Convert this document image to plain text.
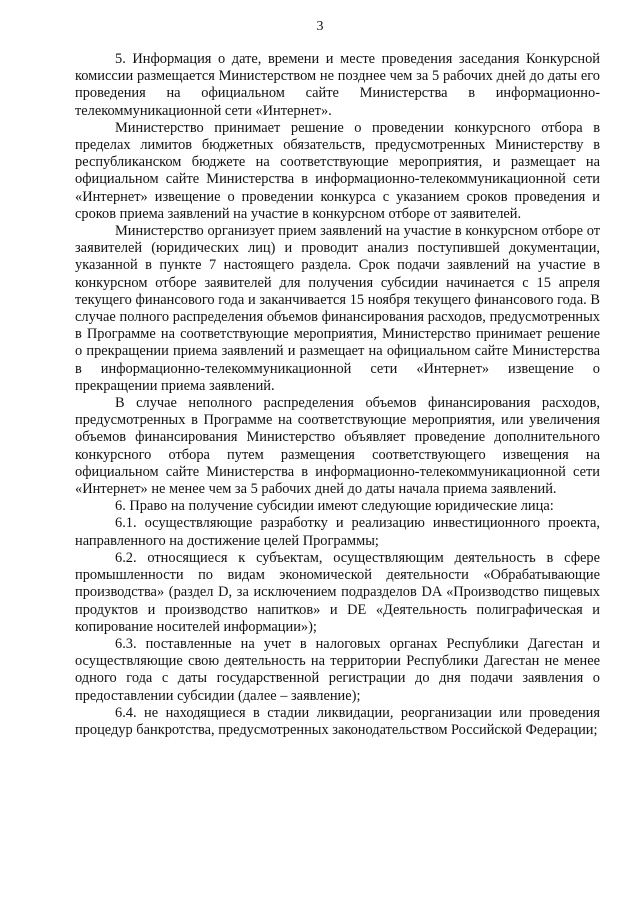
3

5. Информация о дате, времени и месте проведения заседания Конкурсной комиссии размещается Министерством не позднее чем за 5 рабочих дней до даты его проведения на официальном сайте Министерства в информационно-телекоммуникационной сети «Интернет».

Министерство принимает решение о проведении конкурсного отбора в пределах лимитов бюджетных обязательств, предусмотренных Министерству в республиканском бюджете на соответствующие мероприятия, и размещает на официальном сайте Министерства в информационно-телекоммуникационной сети «Интернет» извещение о проведении конкурса с указанием сроков проведения и сроков приема заявлений на участие в конкурсном отборе от заявителей.

Министерство организует прием заявлений на участие в конкурсном отборе от заявителей (юридических лиц) и проводит анализ поступившей документации, указанной в пункте 7 настоящего раздела. Срок подачи заявлений на участие в конкурсном отборе заявителей для получения субсидии начинается с 15 апреля текущего финансового года и заканчивается 15 ноября текущего финансового года. В случае полного распределения объемов финансирования расходов, предусмотренных в Программе на соответствующие мероприятия, Министерство принимает решение о прекращении приема заявлений и размещает на официальном сайте Министерства в информационно-телекоммуникационной сети «Интернет» извещение о прекращении приема заявлений.

В случае неполного распределения объемов финансирования расходов, предусмотренных в Программе на соответствующие мероприятия, или увеличения объемов финансирования Министерство объявляет проведение дополнительного конкурсного отбора путем размещения соответствующего извещения на официальном сайте Министерства в информационно-телекоммуникационной сети «Интернет» не менее чем за 5 рабочих дней до даты начала приема заявлений.

6. Право на получение субсидии имеют следующие юридические лица:

6.1. осуществляющие разработку и реализацию инвестиционного проекта, направленного на достижение целей Программы;

6.2. относящиеся к субъектам, осуществляющим деятельность в сфере промышленности по видам экономической деятельности «Обрабатывающие производства» (раздел D, за исключением подразделов DA «Производство пищевых продуктов и производство напитков» и DE «Деятельность полиграфическая и копирование носителей информации»);

6.3. поставленные на учет в налоговых органах Республики Дагестан и осуществляющие свою деятельность на территории Республики Дагестан не менее одного года с даты государственной регистрации до дня подачи заявления о предоставлении субсидии (далее – заявление);

6.4. не находящиеся в стадии ликвидации, реорганизации или проведения процедур банкротства, предусмотренных законодательством Российской Федерации;
